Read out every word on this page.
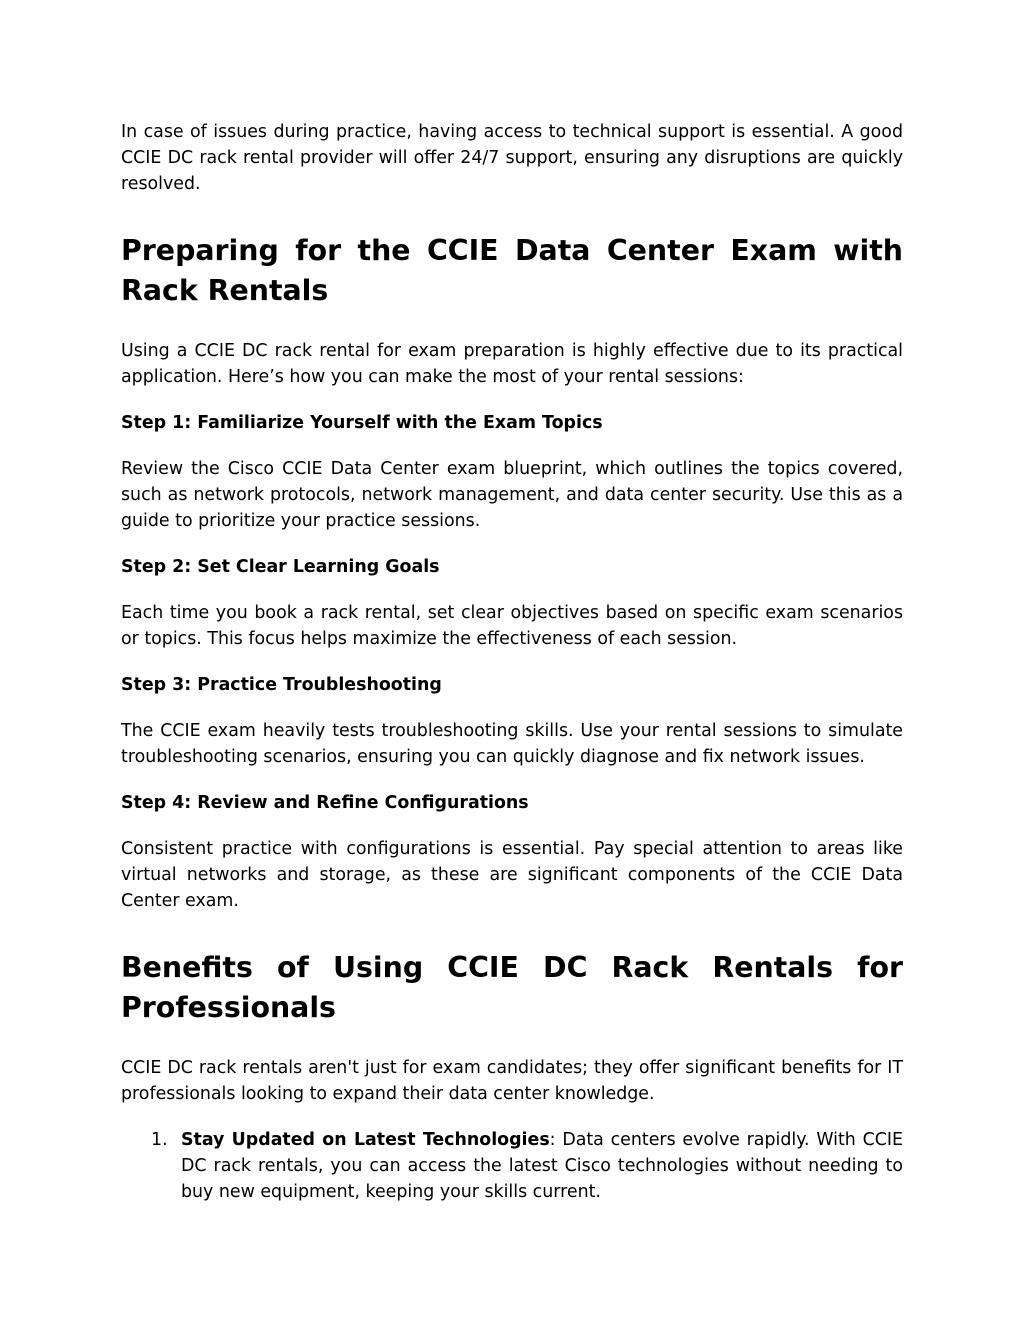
In case of issues during practice, having access to technical support is essential. A good CCIE DC rack rental provider will offer 24/7 support, ensuring any disruptions are quickly resolved.

Preparing for the CCIE Data Center Exam with Rack Rentals

Using a CCIE DC rack rental for exam preparation is highly effective due to its practical application. Here’s how you can make the most of your rental sessions:

Step 1: Familiarize Yourself with the Exam Topics

Review the Cisco CCIE Data Center exam blueprint, which outlines the topics covered, such as network protocols, network management, and data center security. Use this as a guide to prioritize your practice sessions.

Step 2: Set Clear Learning Goals

Each time you book a rack rental, set clear objectives based on specific exam scenarios or topics. This focus helps maximize the effectiveness of each session.

Step 3: Practice Troubleshooting

The CCIE exam heavily tests troubleshooting skills. Use your rental sessions to simulate troubleshooting scenarios, ensuring you can quickly diagnose and fix network issues.

Step 4: Review and Refine Configurations

Consistent practice with configurations is essential. Pay special attention to areas like virtual networks and storage, as these are significant components of the CCIE Data Center exam.

Benefits of Using CCIE DC Rack Rentals for Professionals

CCIE DC rack rentals aren't just for exam candidates; they offer significant benefits for IT professionals looking to expand their data center knowledge.

1. Stay Updated on Latest Technologies: Data centers evolve rapidly. With CCIE DC rack rentals, you can access the latest Cisco technologies without needing to buy new equipment, keeping your skills current.
